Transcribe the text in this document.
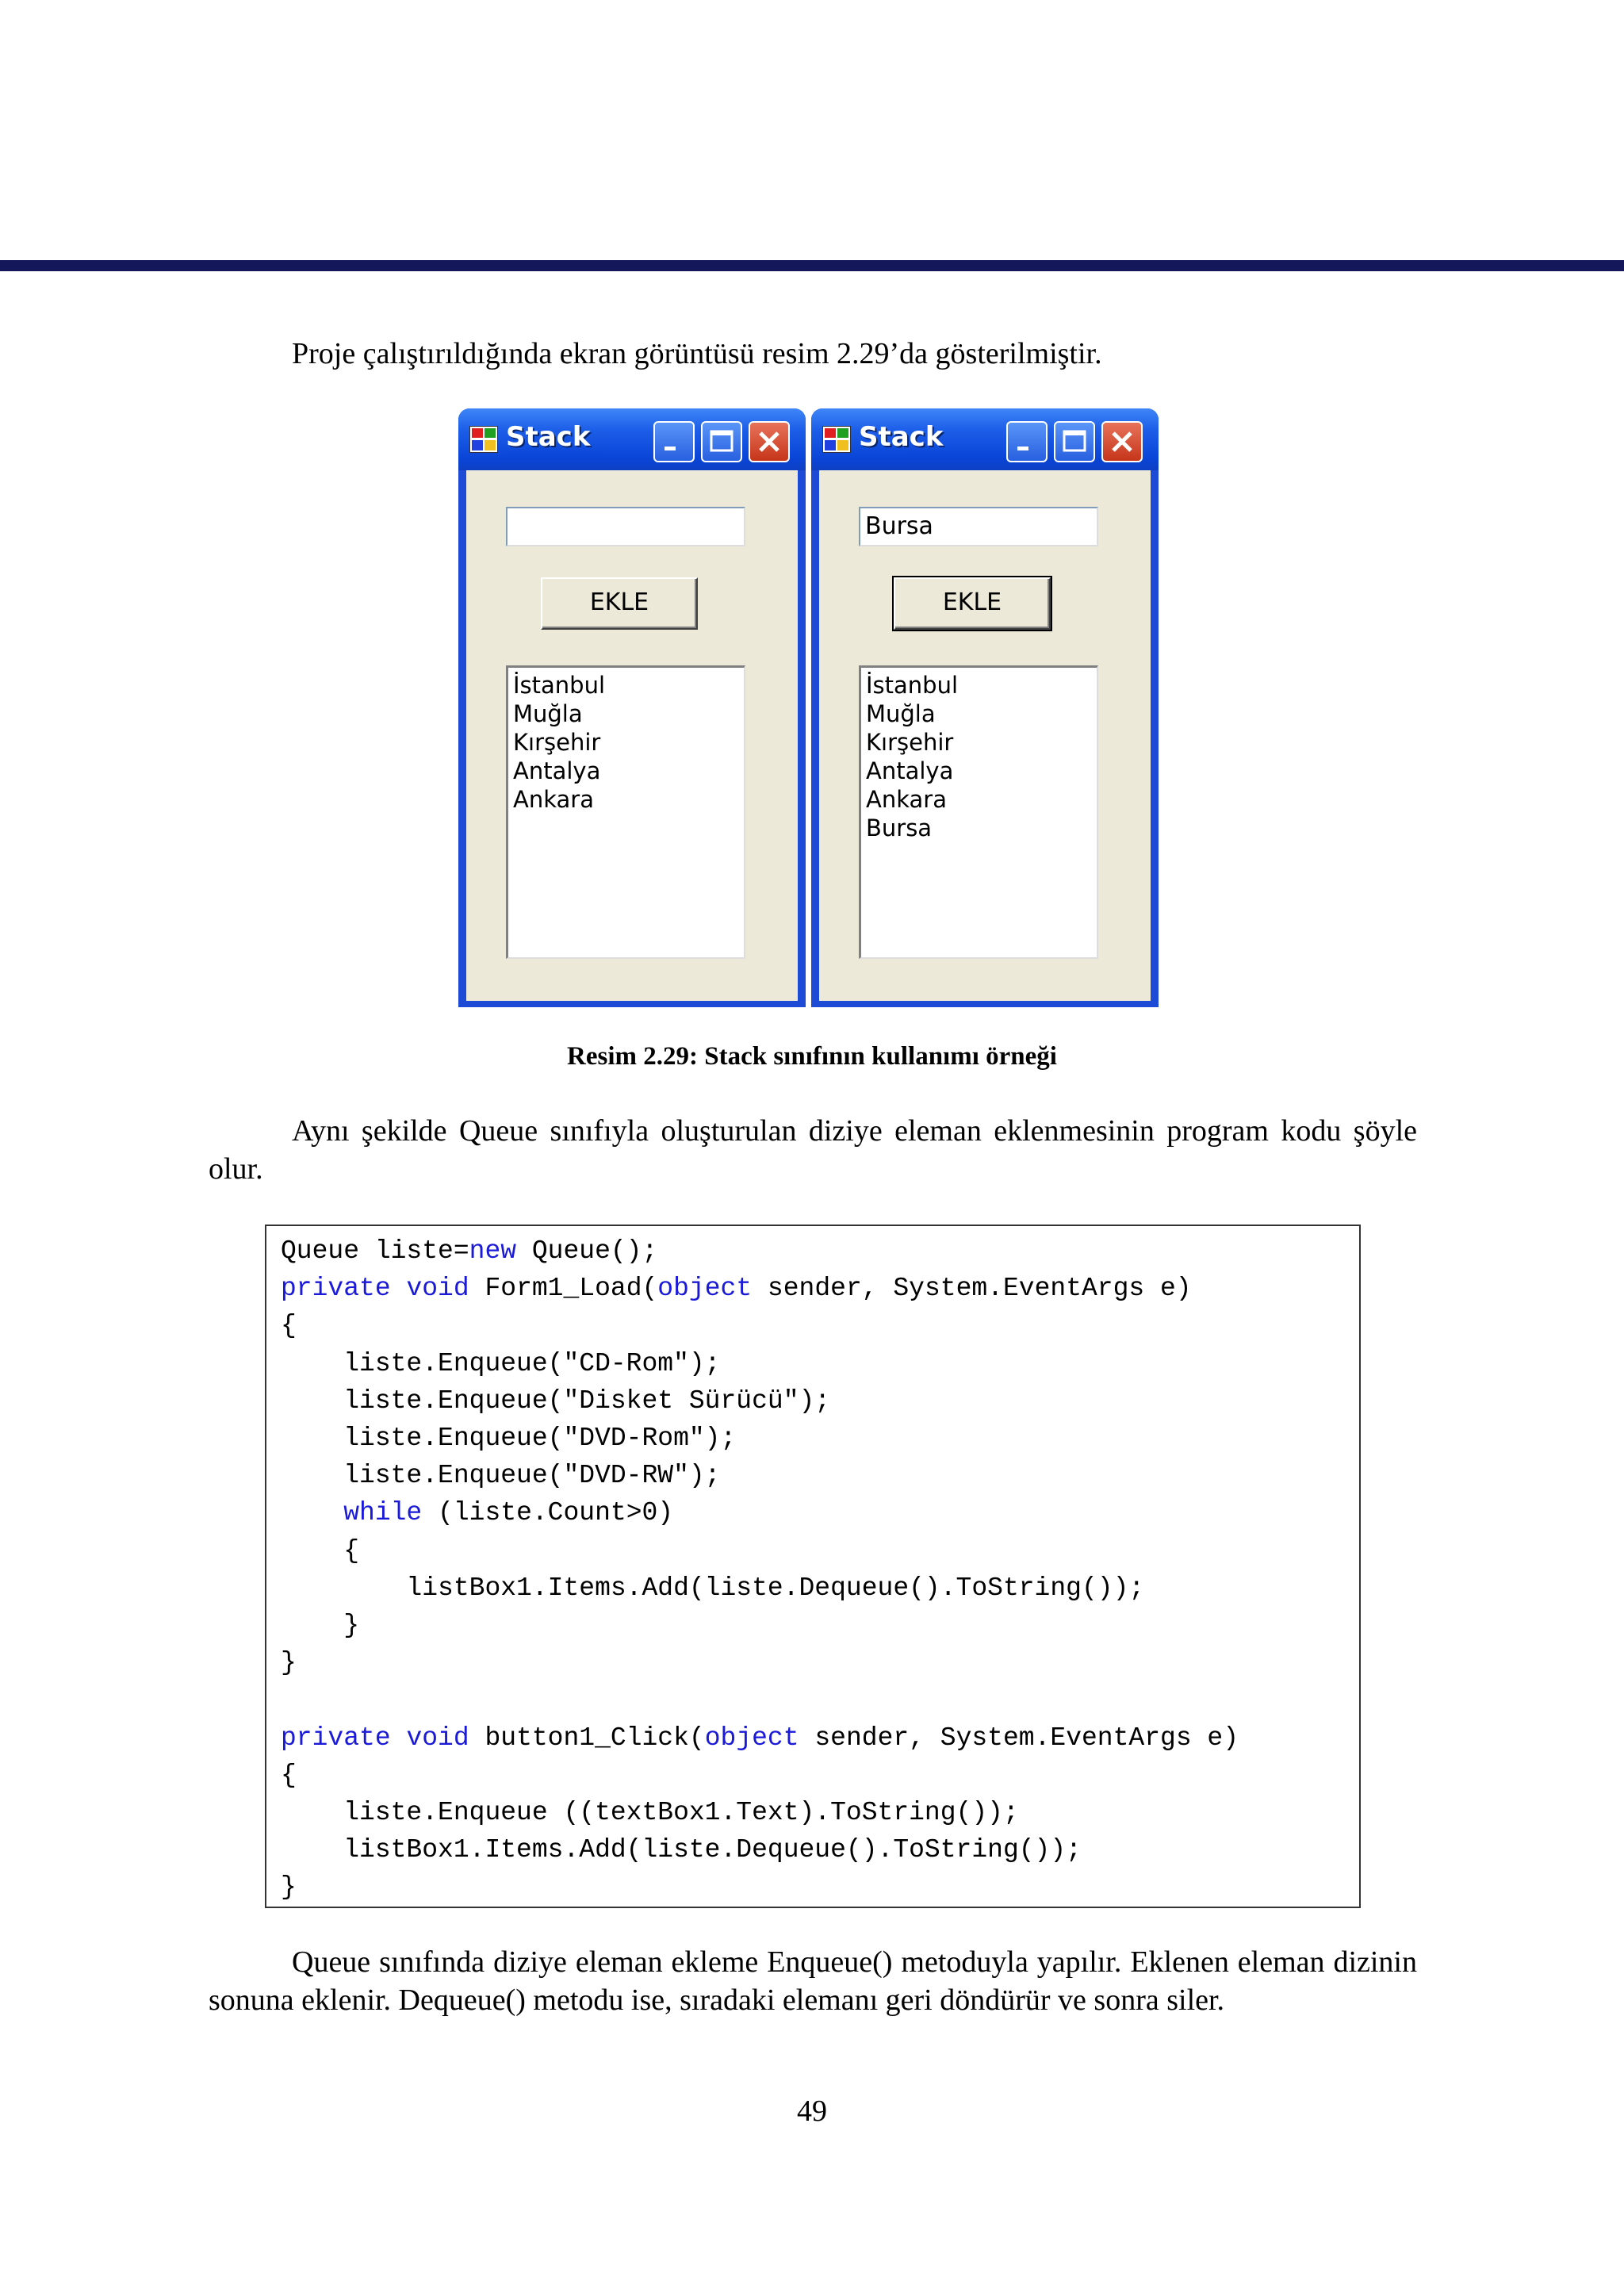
Proje çalıştırıldığında ekran görüntüsü resim 2.29’da gösterilmiştir.

Stack
EKLE
İstanbul
Muğla
Kırşehir
Antalya
Ankara
Stack
Bursa
EKLE
İstanbul
Muğla
Kırşehir
Antalya
Ankara
Bursa
Resim 2.29: Stack sınıfının kullanımı örneği

Aynı şekilde Queue sınıfıyla oluşturulan diziye eleman eklenmesinin program kodu şöyle olur.

Queue liste=new Queue();
private void Form1_Load(object sender, System.EventArgs e)
{
liste.Enqueue("CD-Rom");
liste.Enqueue("Disket Sürücü");
liste.Enqueue("DVD-Rom");
liste.Enqueue("DVD-RW");
while (liste.Count>0)
{
listBox1.Items.Add(liste.Dequeue().ToString());
}
}

private void button1_Click(object sender, System.EventArgs e)
{
liste.Enqueue ((textBox1.Text).ToString());
listBox1.Items.Add(liste.Dequeue().ToString());
}

Queue sınıfında diziye eleman ekleme Enqueue() metoduyla yapılır. Eklenen eleman dizinin sonuna eklenir. Dequeue() metodu ise, sıradaki elemanı geri döndürür ve sonra siler.

49
